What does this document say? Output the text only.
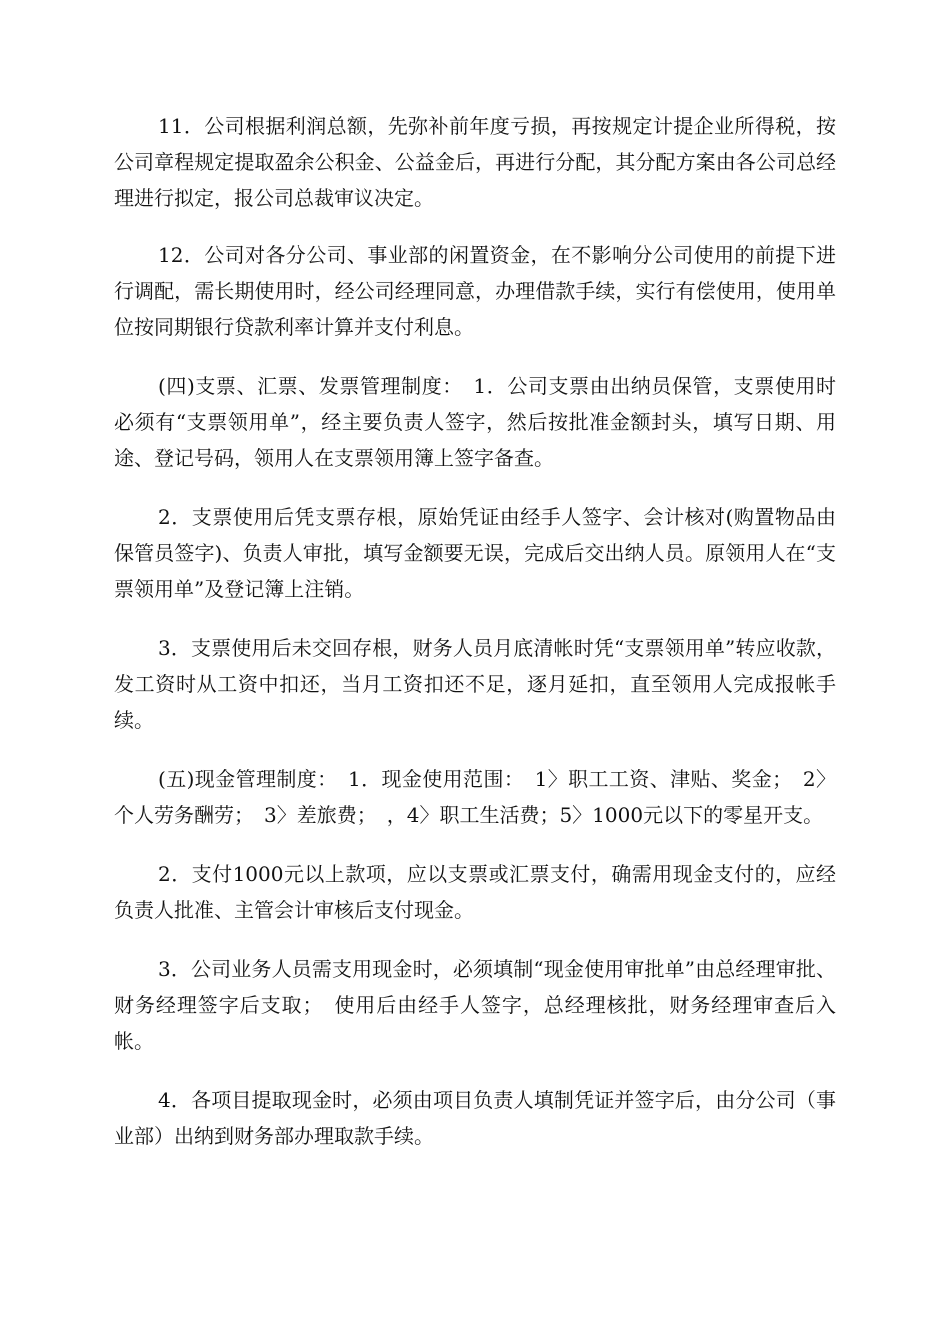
11．公司根据利润总额，先弥补前年度亏损，再按规定计提企业所得税，按公司章程规定提取盈余公积金、公益金后，再进行分配，其分配方案由各公司总经理进行拟定，报公司总裁审议决定。

12．公司对各分公司、事业部的闲置资金，在不影响分公司使用的前提下进行调配，需长期使用时，经公司经理同意，办理借款手续，实行有偿使用，使用单位按同期银行贷款利率计算并支付利息。

(四)支票、汇票、发票管理制度：　1．公司支票由出纳员保管，支票使用时必须有“支票领用单”，经主要负责人签字，然后按批准金额封头，填写日期、用途、登记号码，领用人在支票领用簿上签字备查。

2．支票使用后凭支票存根，原始凭证由经手人签字、会计核对(购置物品由保管员签字)、负责人审批，填写金额要无误，完成后交出纳人员。原领用人在“支票领用单”及登记簿上注销。

3．支票使用后未交回存根，财务人员月底清帐时凭“支票领用单”转应收款，发工资时从工资中扣还，当月工资扣还不足，逐月延扣，直至领用人完成报帐手续。

(五)现金管理制度：　1．现金使用范围：　1〉职工工资、津贴、奖金；　2〉个人劳务酬劳；　3〉差旅费；　，4〉职工生活费；5〉1000元以下的零星开支。

2．支付1000元以上款项，应以支票或汇票支付，确需用现金支付的，应经负责人批准、主管会计审核后支付现金。

3．公司业务人员需支用现金时，必须填制“现金使用审批单”由总经理审批、财务经理签字后支取；　使用后由经手人签字，总经理核批，财务经理审查后入帐。

4．各项目提取现金时，必须由项目负责人填制凭证并签字后，由分公司（事业部）出纳到财务部办理取款手续。
